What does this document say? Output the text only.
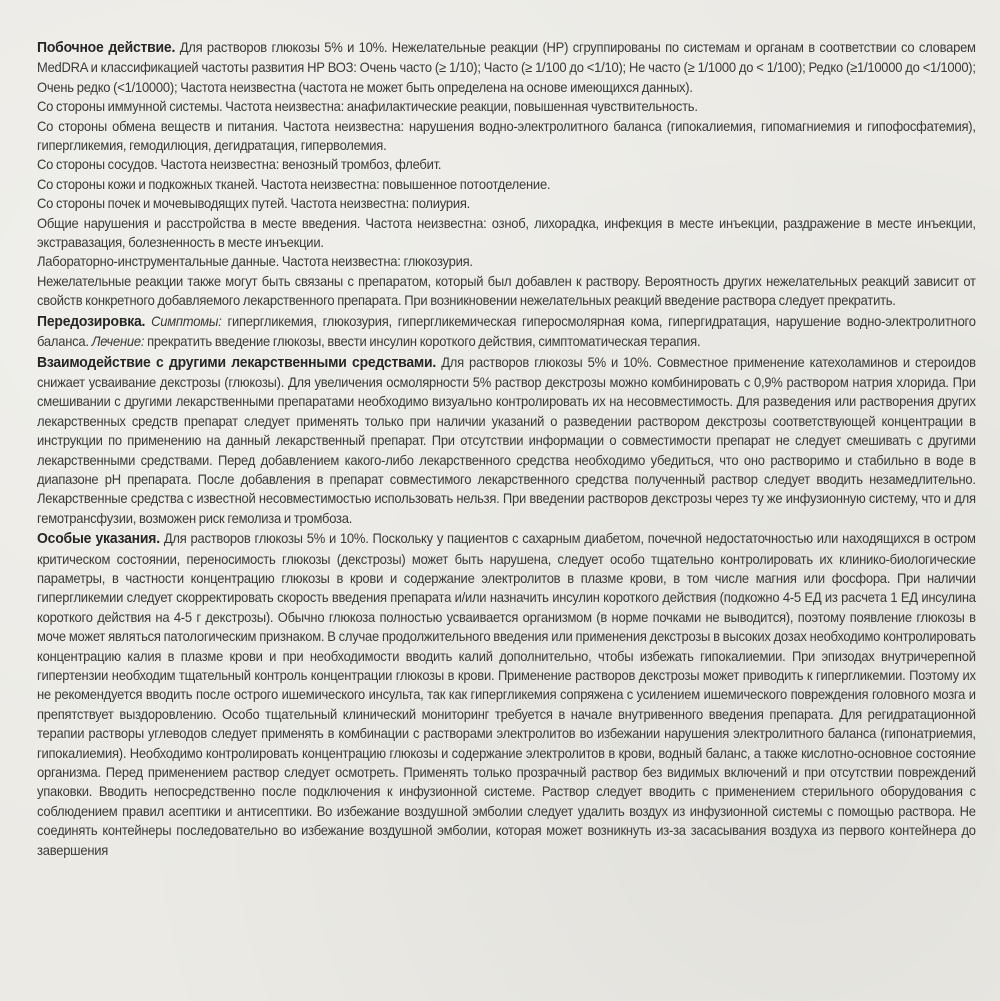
Побочное действие. Для растворов глюкозы 5% и 10%. Нежелательные реакции (НР) сгруппированы по системам и органам в соответствии со словарем MedDRA и классификацией частоты развития НР ВОЗ: Очень часто (≥ 1/10); Часто (≥ 1/100 до <1/10); Не часто (≥ 1/1000 до < 1/100); Редко (≥1/10000 до <1/1000); Очень редко (<1/10000); Частота неизвестна (частота не может быть определена на основе имеющихся данных).

Со стороны иммунной системы. Частота неизвестна: анафилактические реакции, повышенная чувствительность.

Со стороны обмена веществ и питания. Частота неизвестна: нарушения водно-электролитного баланса (гипокалиемия, гипомагниемия и гипофосфатемия), гипергликемия, гемодилюция, дегидратация, гиперволемия.

Со стороны сосудов. Частота неизвестна: венозный тромбоз, флебит.

Со стороны кожи и подкожных тканей. Частота неизвестна: повышенное потоотделение.

Со стороны почек и мочевыводящих путей. Частота неизвестна: полиурия.

Общие нарушения и расстройства в месте введения. Частота неизвестна: озноб, лихорадка, инфекция в месте инъекции, раздражение в месте инъекции, экстравазация, болезненность в месте инъекции.

Лабораторно-инструментальные данные. Частота неизвестна: глюкозурия.

Нежелательные реакции также могут быть связаны с препаратом, который был добавлен к раствору. Вероятность других нежелательных реакций зависит от свойств конкретного добавляемого лекарственного препарата. При возникновении нежелательных реакций введение раствора следует прекратить.

Передозировка. Симптомы: гипергликемия, глюкозурия, гипергликемическая гиперосмолярная кома, гипергидратация, нарушение водно-электролитного баланса. Лечение: прекратить введение глюкозы, ввести инсулин короткого действия, симптоматическая терапия.

Взаимодействие с другими лекарственными средствами. Для растворов глюкозы 5% и 10%. Совместное применение катехоламинов и стероидов снижает усваивание декстрозы (глюкозы). Для увеличения осмолярности 5% раствор декстрозы можно комбинировать с 0,9% раствором натрия хлорида. При смешивании с другими лекарственными препаратами необходимо визуально контролировать их на несовместимость. Для разведения или растворения других лекарственных средств препарат следует применять только при наличии указаний о разведении раствором декстрозы соответствующей концентрации в инструкции по применению на данный лекарственный препарат. При отсутствии информации о совместимости препарат не следует смешивать с другими лекарственными средствами. Перед добавлением какого-либо лекарственного средства необходимо убедиться, что оно растворимо и стабильно в воде в диапазоне pH препарата. После добавления в препарат совместимого лекарственного средства полученный раствор следует вводить незамедлительно. Лекарственные средства с известной несовместимостью использовать нельзя. При введении растворов декстрозы через ту же инфузионную систему, что и для гемотрансфузии, возможен риск гемолиза и тромбоза.

Особые указания. Для растворов глюкозы 5% и 10%. Поскольку у пациентов с сахарным диабетом, почечной недостаточностью или находящихся в остром критическом состоянии, переносимость глюкозы (декстрозы) может быть нарушена, следует особо тщательно контролировать их клинико-биологические параметры, в частности концентрацию глюкозы в крови и содержание электролитов в плазме крови, в том числе магния или фосфора. При наличии гипергликемии следует скорректировать скорость введения препарата и/или назначить инсулин короткого действия (подкожно 4-5 ЕД из расчета 1 ЕД инсулина короткого действия на 4-5 г декстрозы). Обычно глюкоза полностью усваивается организмом (в норме почками не выводится), поэтому появление глюкозы в моче может являться патологическим признаком. В случае продолжительного введения или применения декстрозы в высоких дозах необходимо контролировать концентрацию калия в плазме крови и при необходимости вводить калий дополнительно, чтобы избежать гипокалиемии. При эпизодах внутричерепной гипертензии необходим тщательный контроль концентрации глюкозы в крови. Применение растворов декстрозы может приводить к гипергликемии. Поэтому их не рекомендуется вводить после острого ишемического инсульта, так как гипергликемия сопряжена с усилением ишемического повреждения головного мозга и препятствует выздоровлению. Особо тщательный клинический мониторинг требуется в начале внутривенного введения препарата. Для регидратационной терапии растворы углеводов следует применять в комбинации с растворами электролитов во избежании нарушения электролитного баланса (гипонатриемия, гипокалиемия). Необходимо контролировать концентрацию глюкозы и содержание электролитов в крови, водный баланс, а также кислотно-основное состояние организма. Перед применением раствор следует осмотреть. Применять только прозрачный раствор без видимых включений и при отсутствии повреждений упаковки. Вводить непосредственно после подключения к инфузионной системе. Раствор следует вводить с применением стерильного оборудования с соблюдением правил асептики и антисептики. Во избежание воздушной эмболии следует удалить воздух из инфузионной системы с помощью раствора. Не соединять контейнеры последовательно во избежание воздушной эмболии, которая может возникнуть из-за засасывания воздуха из первого контейнера до завершения
